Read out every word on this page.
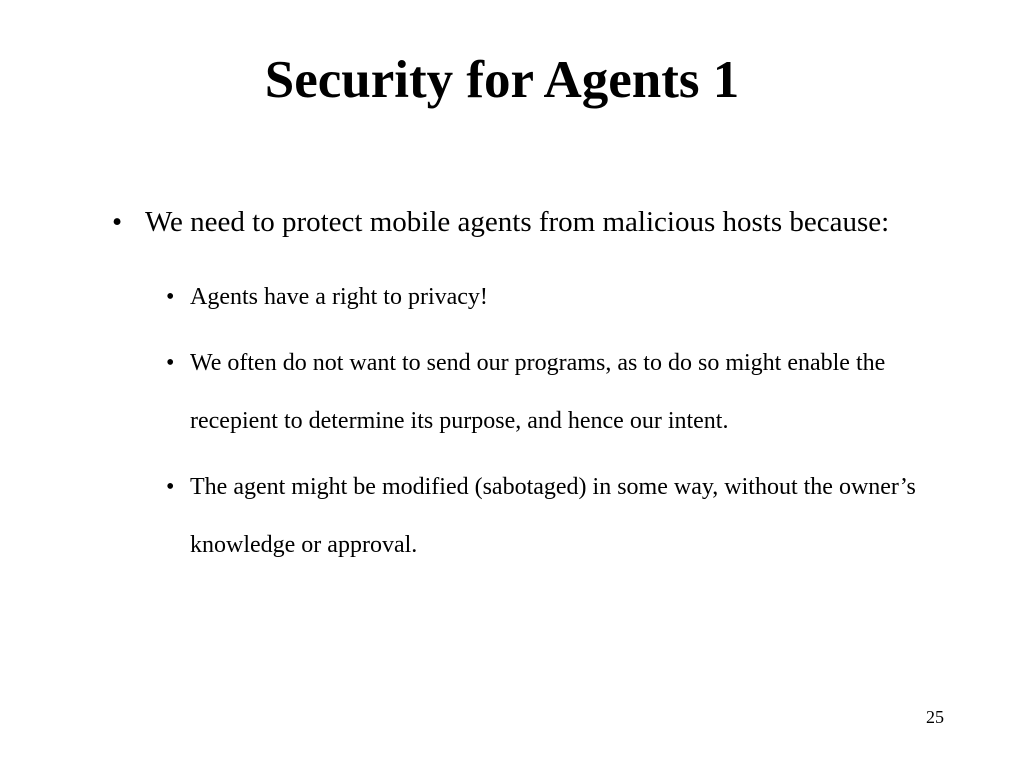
Security for Agents 1
• We need to protect mobile agents from malicious hosts because:
• Agents have a right to privacy!
• We often do not want to send our programs, as to do so might enable the recepient to determine its purpose, and hence our intent.
• The agent might be modified (sabotaged) in some way, without the owner’s knowledge or approval.
25
